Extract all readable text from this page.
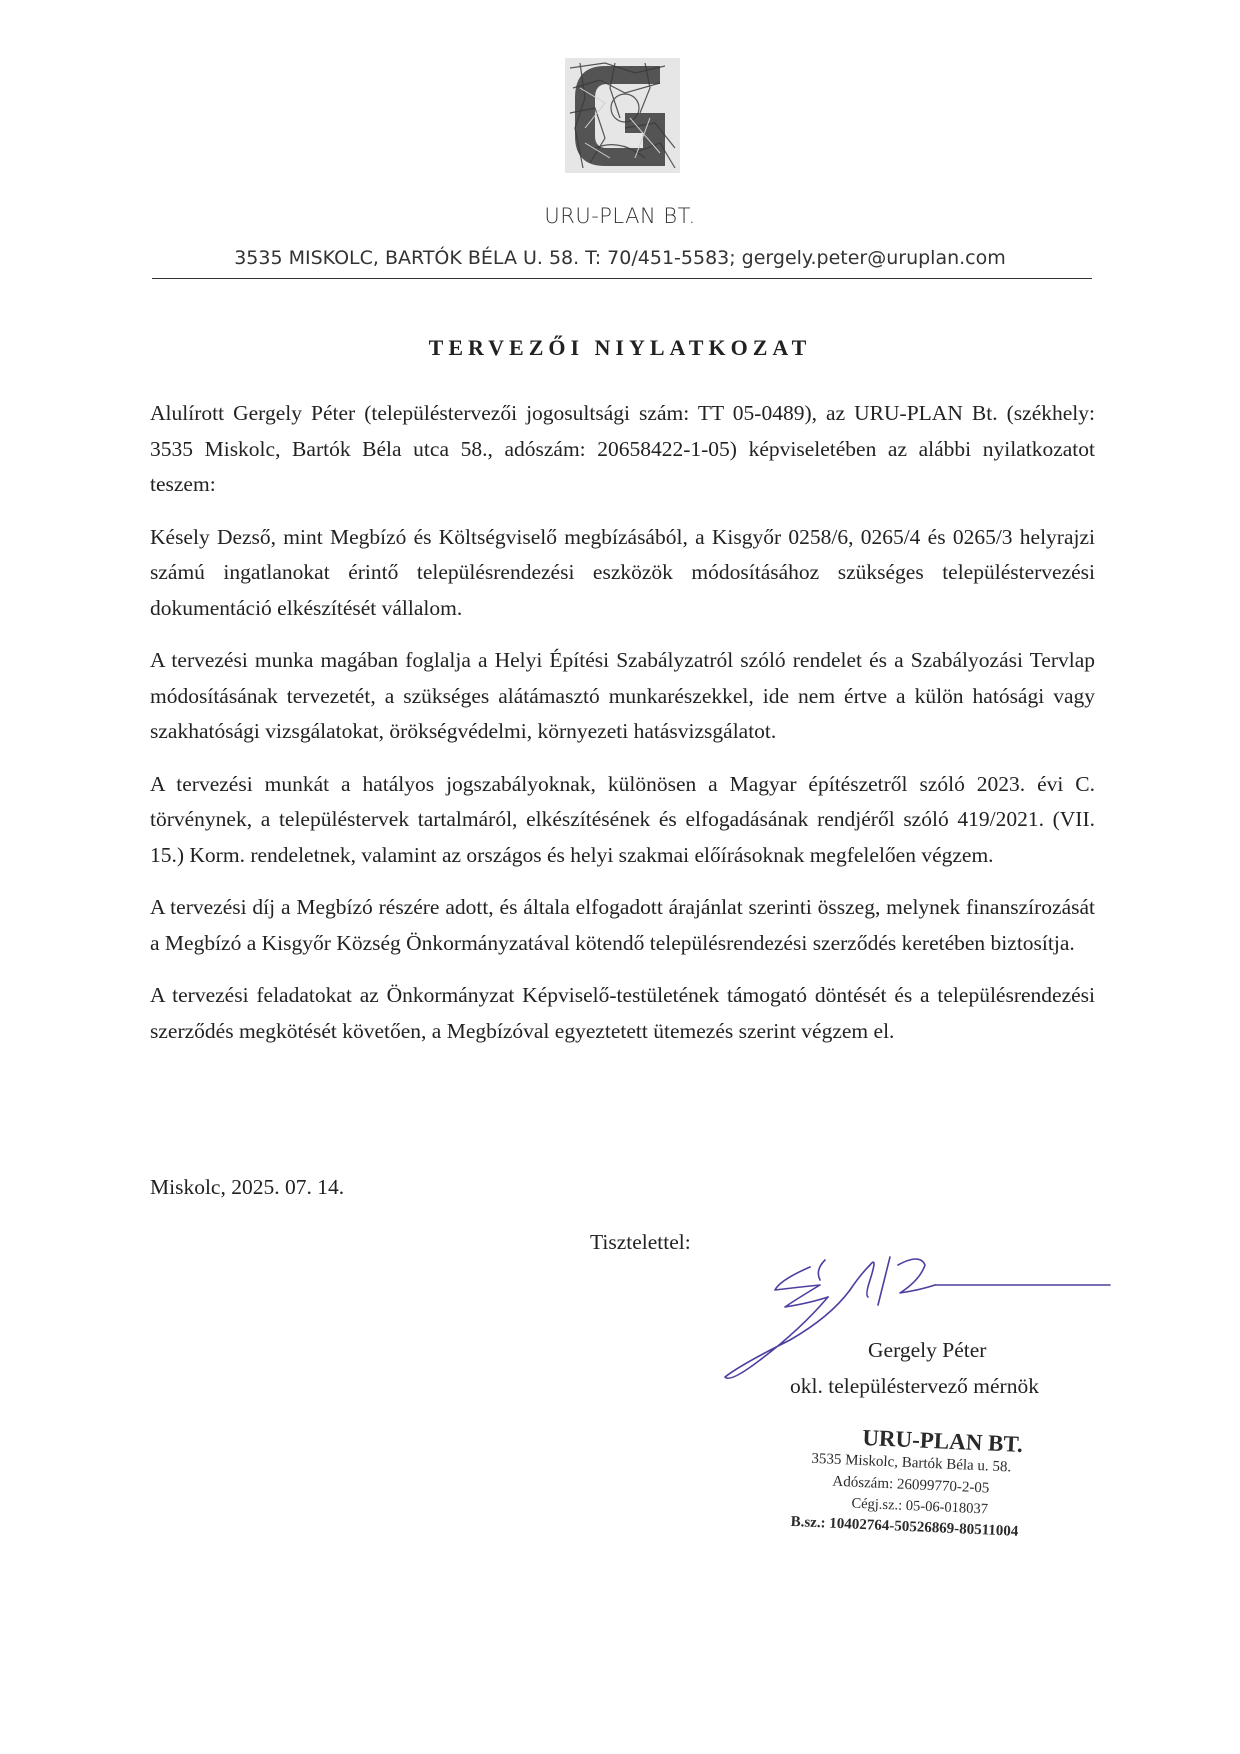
URU-PLAN BT.
3535 MISKOLC, BARTÓK BÉLA U. 58. T: 70/451-5583; gergely.peter@uruplan.com
TERVEZŐI NIYLATKOZAT

Alulírott Gergely Péter (településtervezői jogosultsági szám: TT 05-0489), az URU-PLAN Bt. (székhely: 3535 Miskolc, Bartók Béla utca 58., adószám: 20658422-1-05) képviseletében az alábbi nyilatkozatot teszem:

Késely Dezső, mint Megbízó és Költségviselő megbízásából, a Kisgyőr 0258/6, 0265/4 és 0265/3 helyrajzi számú ingatlanokat érintő településrendezési eszközök módosításához szükséges településtervezési dokumentáció elkészítését vállalom.

A tervezési munka magában foglalja a Helyi Építési Szabályzatról szóló rendelet és a Szabályozási Tervlap módosításának tervezetét, a szükséges alátámasztó munkarészekkel, ide nem értve a külön hatósági vagy szakhatósági vizsgálatokat, örökségvédelmi, környezeti hatásvizsgálatot.

A tervezési munkát a hatályos jogszabályoknak, különösen a Magyar építészetről szóló 2023. évi C. törvénynek, a településtervek tartalmáról, elkészítésének és elfogadásának rendjéről szóló 419/2021. (VII. 15.) Korm. rendeletnek, valamint az országos és helyi szakmai előírásoknak megfelelően végzem.

A tervezési díj a Megbízó részére adott, és általa elfogadott árajánlat szerinti összeg, melynek finanszírozását a Megbízó a Kisgyőr Község Önkormányzatával kötendő településrendezési szerződés keretében biztosítja.

A tervezési feladatokat az Önkormányzat Képviselő-testületének támogató döntését és a településrendezési szerződés megkötését követően, a Megbízóval egyeztetett ütemezés szerint végzem el.

Miskolc, 2025. 07. 14.
Tisztelettel:
Gergely Péter
okl. településtervező mérnök
URU-PLAN BT.
3535 Miskolc, Bartók Béla u. 58.
Adószám: 26099770-2-05
Cégj.sz.: 05-06-018037
B.sz.: 10402764-50526869-80511004
